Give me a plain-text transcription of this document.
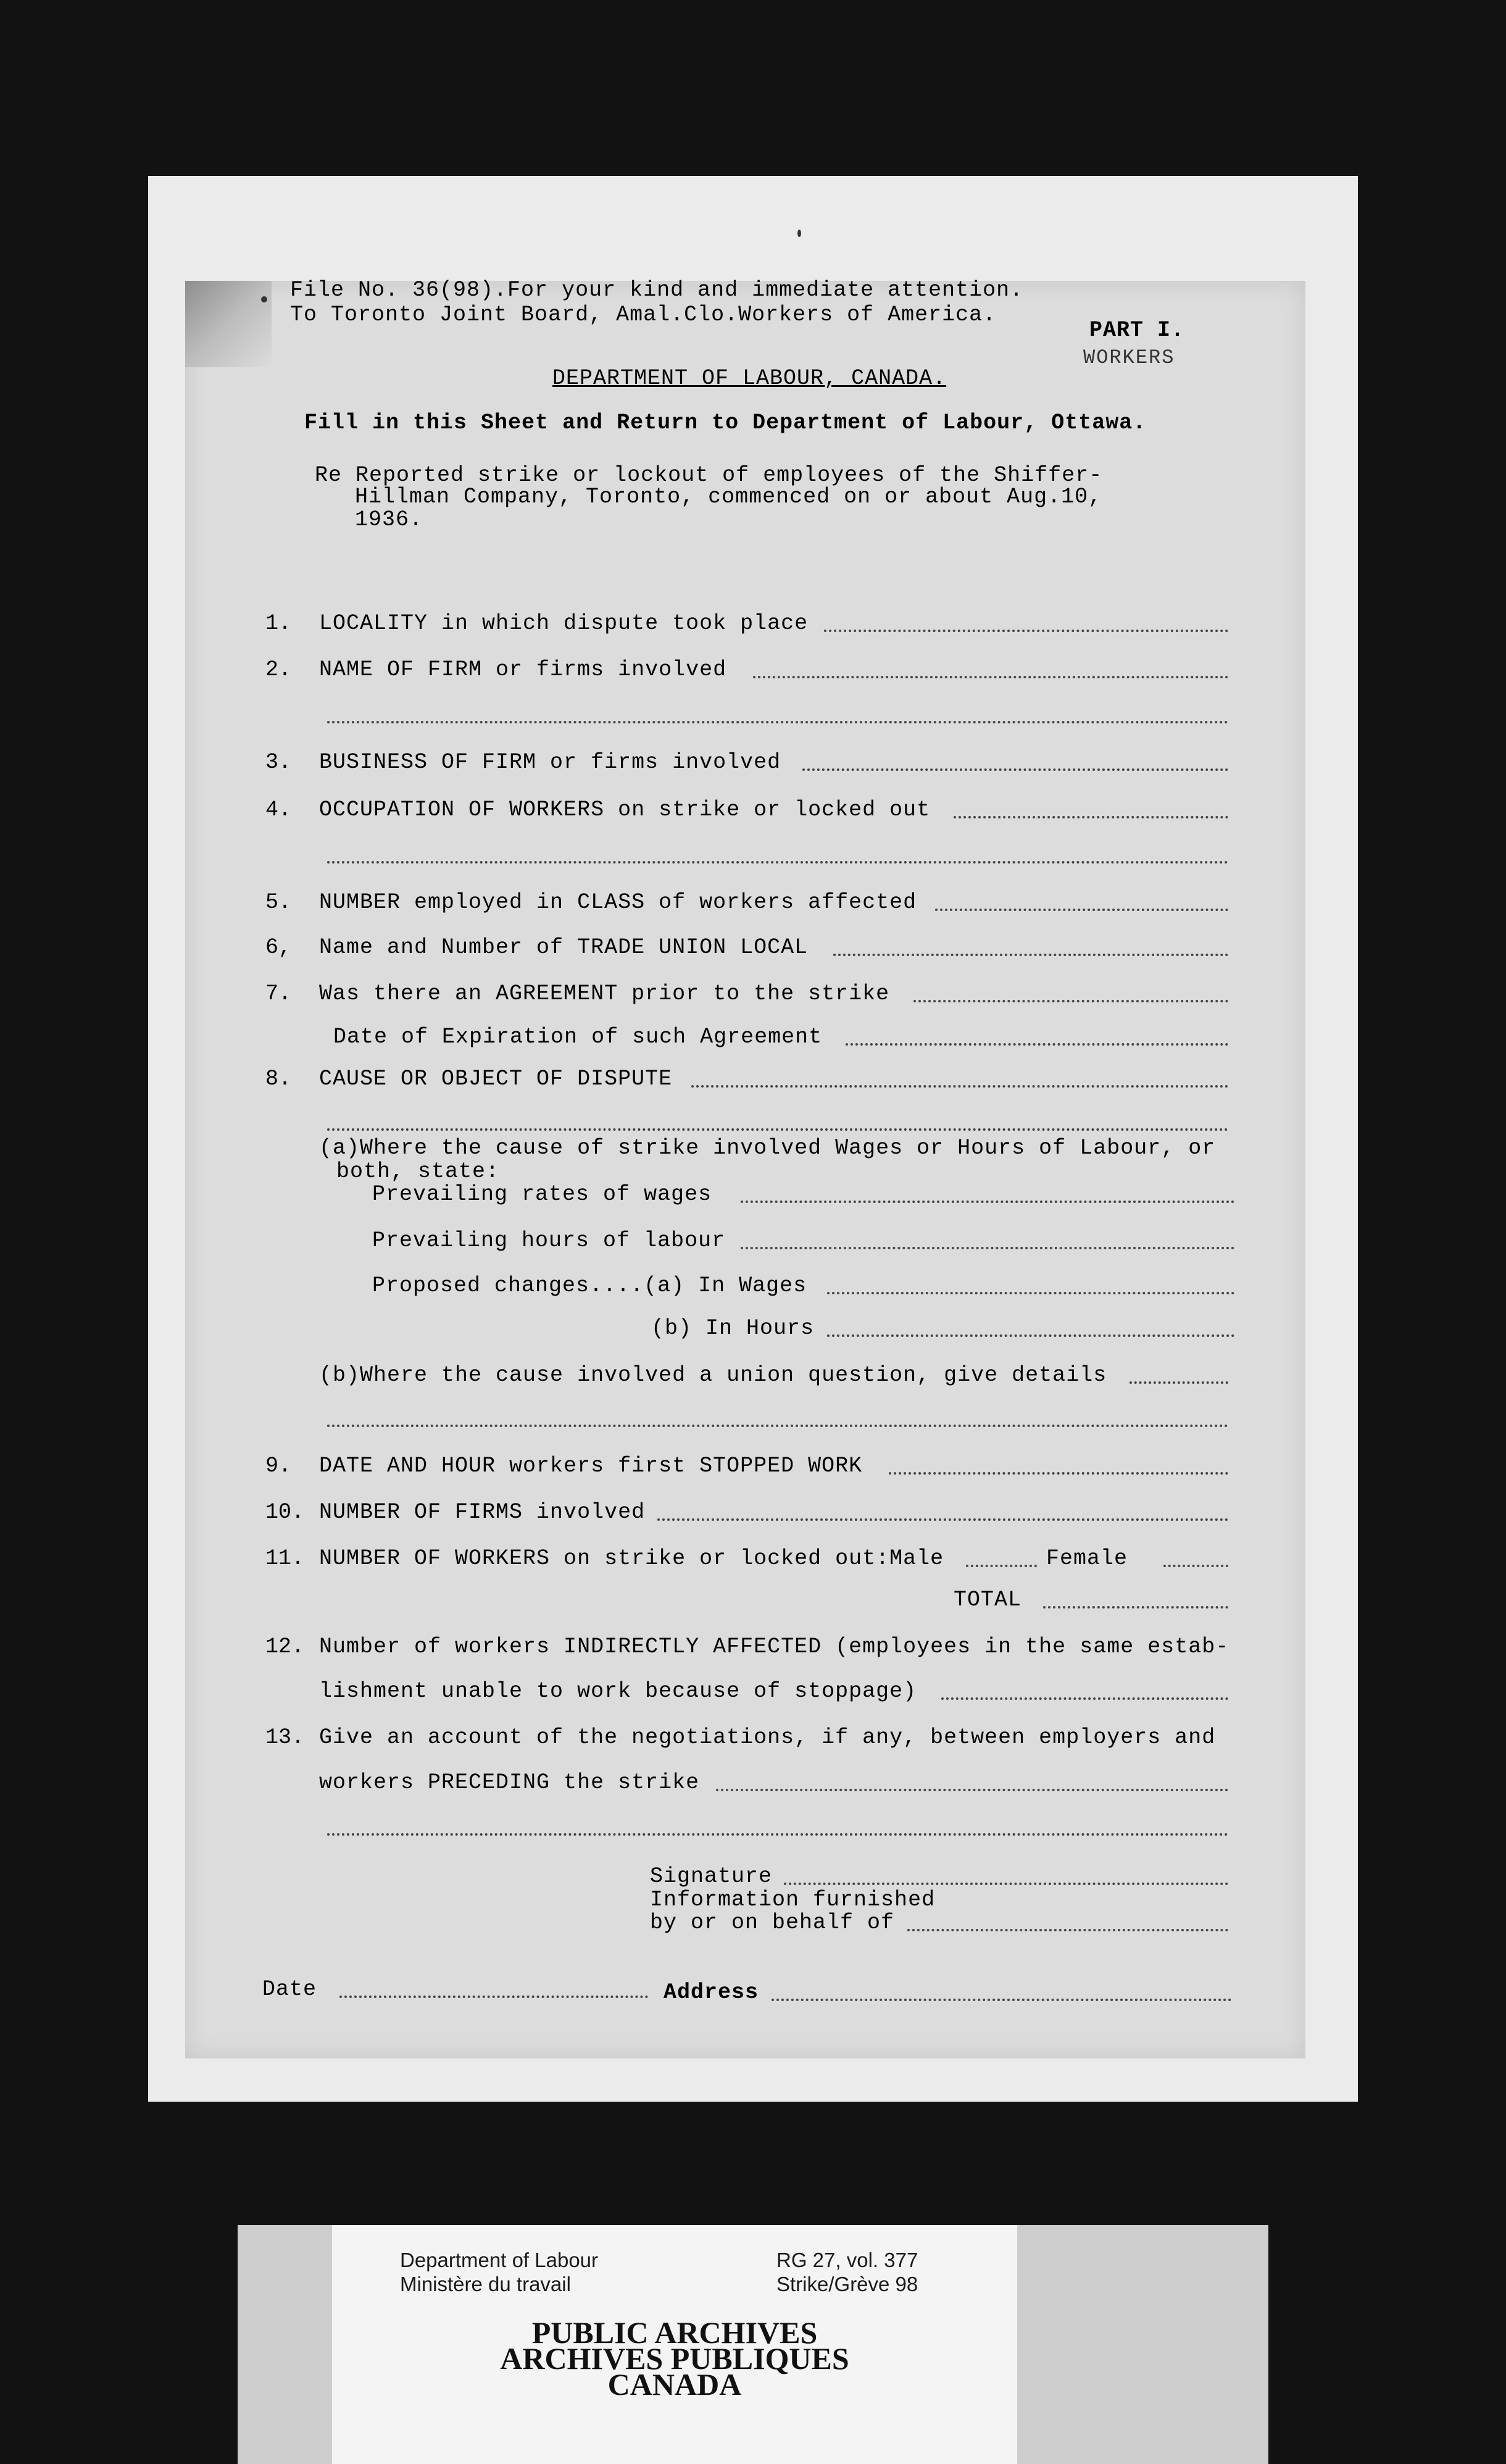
File No. 36(98).For your kind and immediate attention.
To Toronto Joint Board, Amal.Clo.Workers of America.
PART I.
WORKERS
DEPARTMENT OF LABOUR, CANADA.
Fill in this Sheet and Return to Department of Labour, Ottawa.
Re Reported strike or lockout of employees of the Shiffer-
Hillman Company, Toronto, commenced on or about Aug.10,
1936.
1. LOCALITY in which dispute took place
2. NAME OF FIRM or firms involved
3. BUSINESS OF FIRM or firms involved
4. OCCUPATION OF WORKERS on strike or locked out
5. NUMBER employed in CLASS of workers affected
6, Name and Number of TRADE UNION LOCAL
7. Was there an AGREEMENT prior to the strike
Date of Expiration of such Agreement
8. CAUSE OR OBJECT OF DISPUTE
(a)Where the cause of strike involved Wages or Hours of Labour, or
both, state:
Prevailing rates of wages
Prevailing hours of labour
Proposed changes....(a) In Wages
(b) In Hours
(b)Where the cause involved a union question, give details
9. DATE AND HOUR workers first STOPPED WORK
10. NUMBER OF FIRMS involved
11. NUMBER OF WORKERS on strike or locked out:Male	Female
TOTAL
12. Number of workers INDIRECTLY AFFECTED (employees in the same estab-
lishment unable to work because of stoppage)
13. Give an account of the negotiations, if any, between employers and
workers PRECEDING the strike
Signature
Information furnished
by or on behalf of
Date	Address
Department of Labour
Ministère du travail
RG 27, vol. 377
Strike/Grève 98
PUBLIC ARCHIVES
ARCHIVES PUBLIQUES
CANADA
